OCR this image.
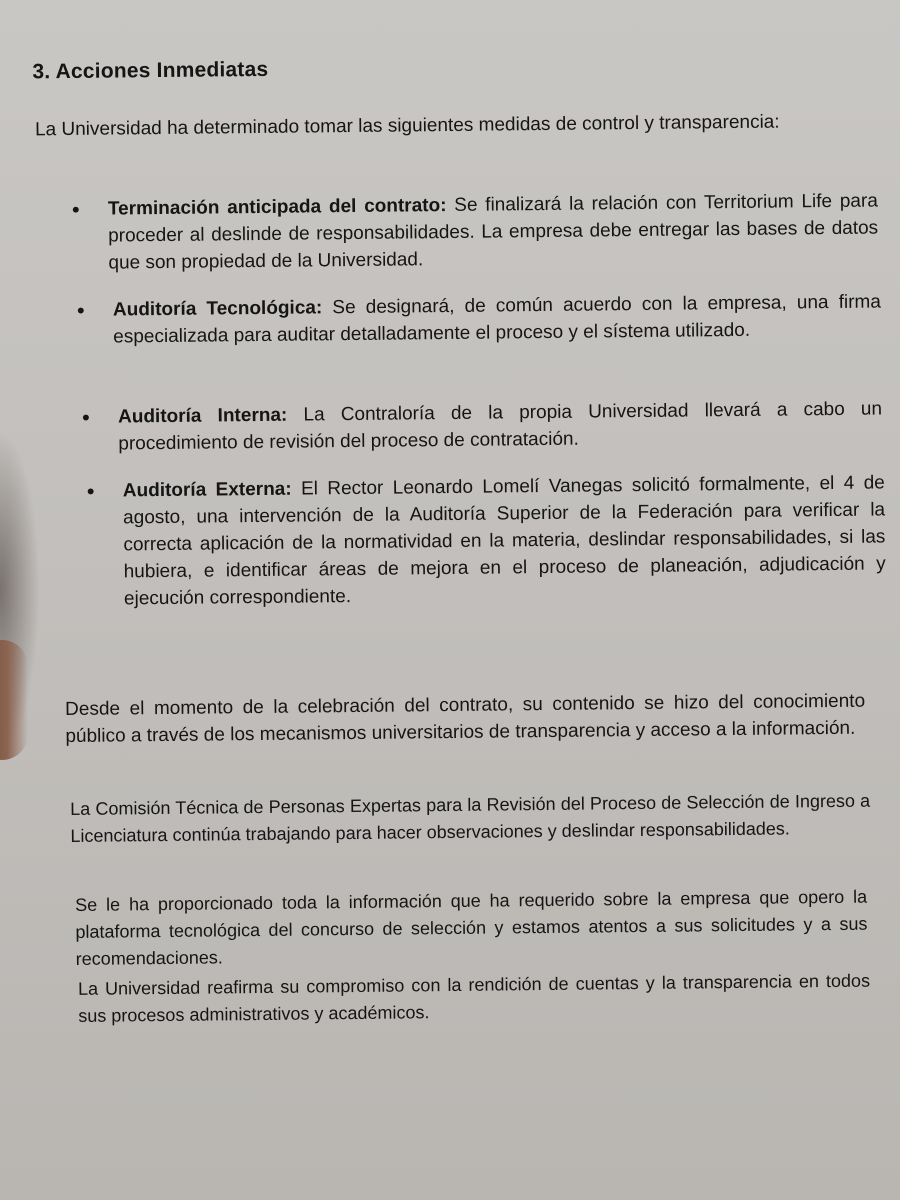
3. Acciones Inmediatas
La Universidad ha determinado tomar las siguientes medidas de control y transparencia:
• Terminación anticipada del contrato: Se finalizará la relación con Territorium Life para proceder al deslinde de responsabilidades. La empresa debe entregar las bases de datos que son propiedad de la Universidad.
• Auditoría Tecnológica: Se designará, de común acuerdo con la empresa, una firma especializada para auditar detalladamente el proceso y el sístema utilizado.
• Auditoría Interna: La Contraloría de la propia Universidad llevará a cabo un procedimiento de revisión del proceso de contratación.
• Auditoría Externa: El Rector Leonardo Lomelí Vanegas solicitó formalmente, el 4 de agosto, una intervención de la Auditoría Superior de la Federación para verificar la correcta aplicación de la normatividad en la materia, deslindar responsabilidades, si las hubiera, e identificar áreas de mejora en el proceso de planeación, adjudicación y ejecución correspondiente.
Desde el momento de la celebración del contrato, su contenido se hizo del conocimiento público a través de los mecanismos universitarios de transparencia y acceso a la información.
La Comisión Técnica de Personas Expertas para la Revisión del Proceso de Selección de Ingreso a Licenciatura continúa trabajando para hacer observaciones y deslindar responsabilidades.
Se le ha proporcionado toda la información que ha requerido sobre la empresa que opero la plataforma tecnológica del concurso de selección y estamos atentos a sus solicitudes y a sus recomendaciones.
La Universidad reafirma su compromiso con la rendición de cuentas y la transparencia en todos sus procesos administrativos y académicos.
